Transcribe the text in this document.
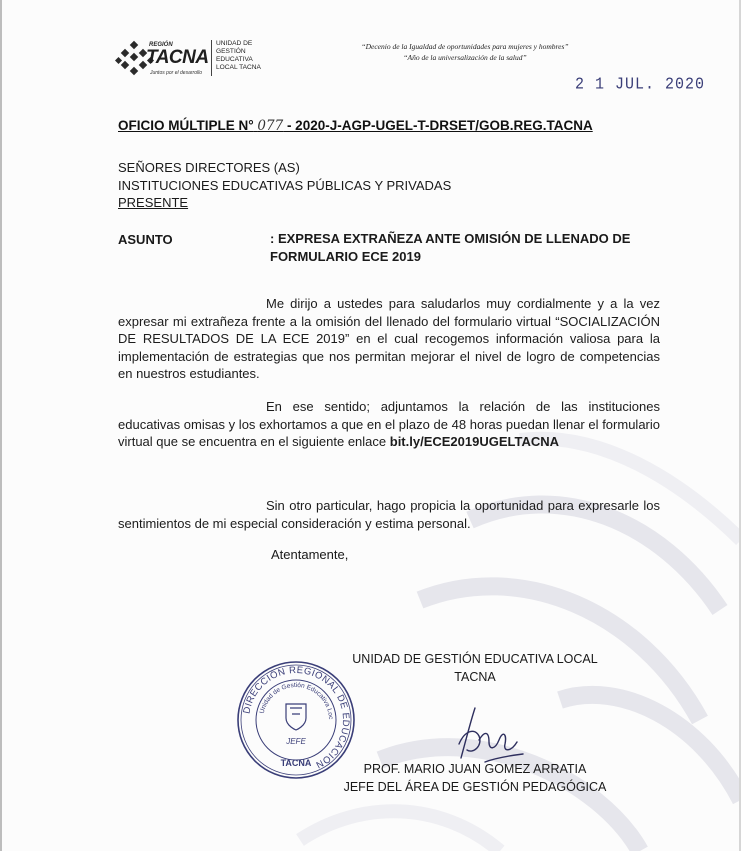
REGIÓN
TACNA
Juntos por el desarrollo
UNIDAD DE
GESTIÓN
EDUCATIVA
LOCAL TACNA
“Decenio de la Igualdad de oportunidades para mujeres y hombres”
“Año de la universalización de la salud”
2 1 JUL. 2020
OFICIO MÚLTIPLE N° 077 - 2020-J-AGP-UGEL-T-DRSET/GOB.REG.TACNA
SEÑORES DIRECTORES (AS)
INSTITUCIONES EDUCATIVAS PÚBLICAS Y PRIVADAS
PRESENTE
ASUNTO	: EXPRESA EXTRAÑEZA ANTE OMISIÓN DE LLENADO DE FORMULARIO ECE 2019
Me dirijo a ustedes para saludarlos muy cordialmente y a la vez expresar mi extrañeza frente a la omisión del llenado del formulario virtual “SOCIALIZACIÓN DE RESULTADOS DE LA ECE 2019” en el cual recogemos información valiosa para la implementación de estrategias que nos permitan mejorar el nivel de logro de competencias en nuestros estudiantes.
En ese sentido; adjuntamos la relación de las instituciones educativas omisas y los exhortamos a que en el plazo de 48 horas puedan llenar el formulario virtual que se encuentra en el siguiente enlace bit.ly/ECE2019UGELTACNA
Sin otro particular, hago propicia la oportunidad para expresarle los sentimientos de mi especial consideración y estima personal.
Atentamente,
UNIDAD DE GESTIÓN EDUCATIVA LOCAL
TACNA
DIRECCIÓN REGIONAL DE EDUCACIÓN
Unidad de Gestión Educativa Loc
JEFE
TACNA	PROF. MARIO JUAN GOMEZ ARRATIA
JEFE DEL ÁREA DE GESTIÓN PEDAGÓGICA
